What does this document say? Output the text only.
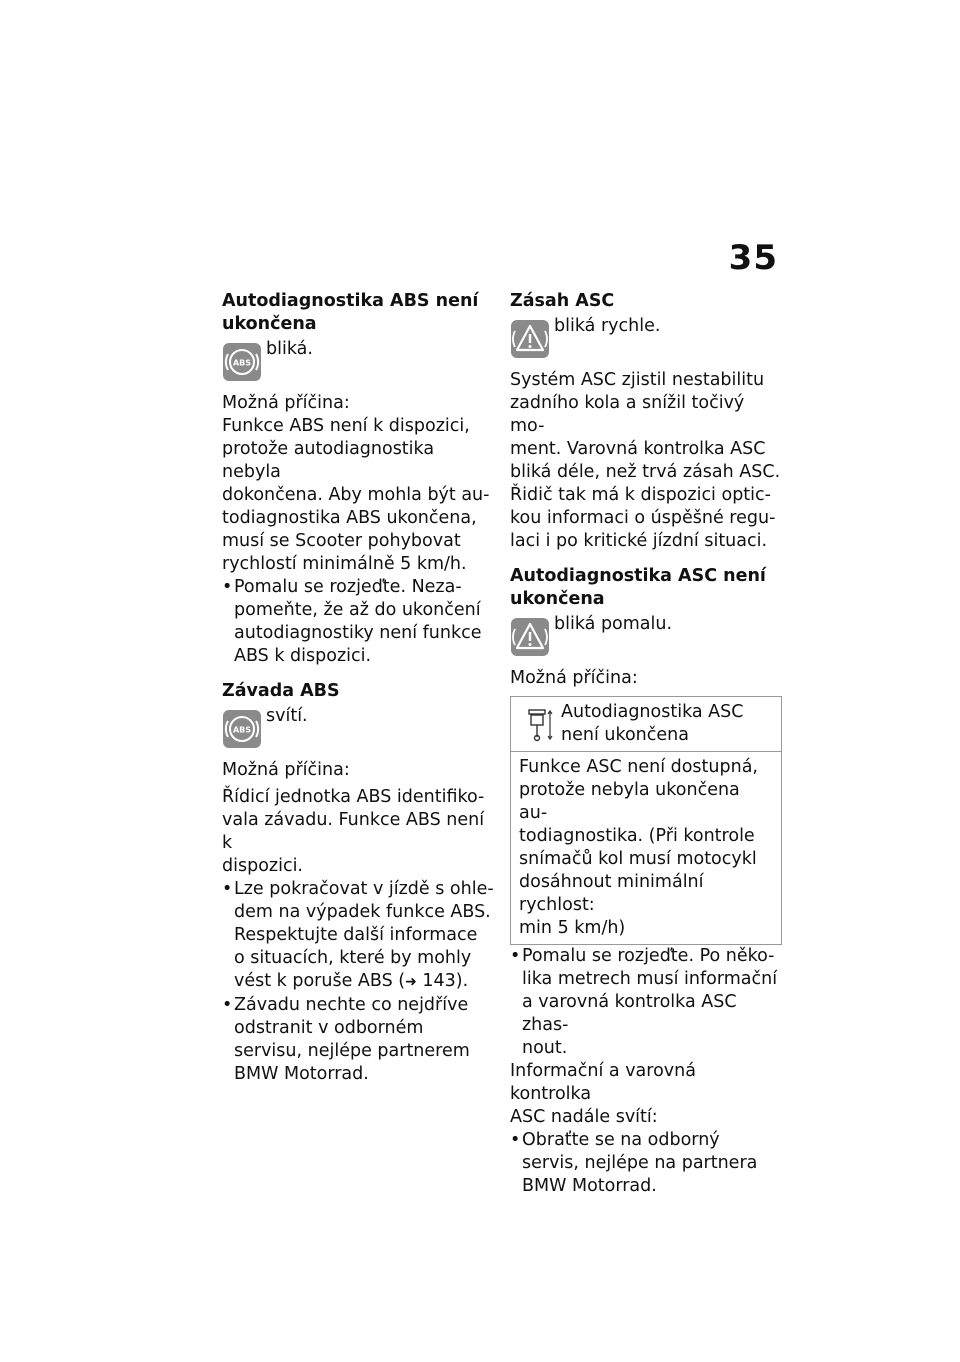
35

Autodiagnostika ABS není

ukončena

ABS
bliká.

Možná příčina:

Funkce ABS není k dispozici,

protože autodiagnostika nebyla

dokončena. Aby mohla být au-

todiagnostika ABS ukončena,

musí se Scooter pohybovat

rychlostí minimálně 5 km/h.

• Pomalu se rozjeďte. Neza-
pomeňte, že až do ukončení
autodiagnostiky není funkce
ABS k dispozici.

Závada ABS

ABS
svítí.

Možná příčina:

Řídicí jednotka ABS identifiko-

vala závadu. Funkce ABS není k

dispozici.

• Lze pokračovat v jízdě s ohle-
dem na výpadek funkce ABS.
Respektujte další informace
o situacích, které by mohly
vést k poruše ABS (➜ 143).
• Závadu nechte co nejdříve
odstranit v odborném
servisu, nejlépe partnerem
BMW Motorrad.

Zásah ASC

bliká rychle.

Systém ASC zjistil nestabilitu

zadního kola a snížil točivý mo-

ment. Varovná kontrolka ASC

bliká déle, než trvá zásah ASC.

Řidič tak má k dispozici optic-

kou informaci o úspěšné regu-

laci i po kritické jízdní situaci.

Autodiagnostika ASC není

ukončena

bliká pomalu.

Možná příčina:

Autodiagnostika ASC
není ukončena
Funkce ASC není dostupná,
protože nebyla ukončena au-
todiagnostika. (Při kontrole
snímačů kol musí motocykl
dosáhnout minimální rychlost:
min 5 km/h)
• Pomalu se rozjeďte. Po něko-
lika metrech musí informační
a varovná kontrolka ASC zhas-
nout.

Informační a varovná kontrolka

ASC nadále svítí:

• Obraťte se na odborný
servis, nejlépe na partnera
BMW Motorrad.
